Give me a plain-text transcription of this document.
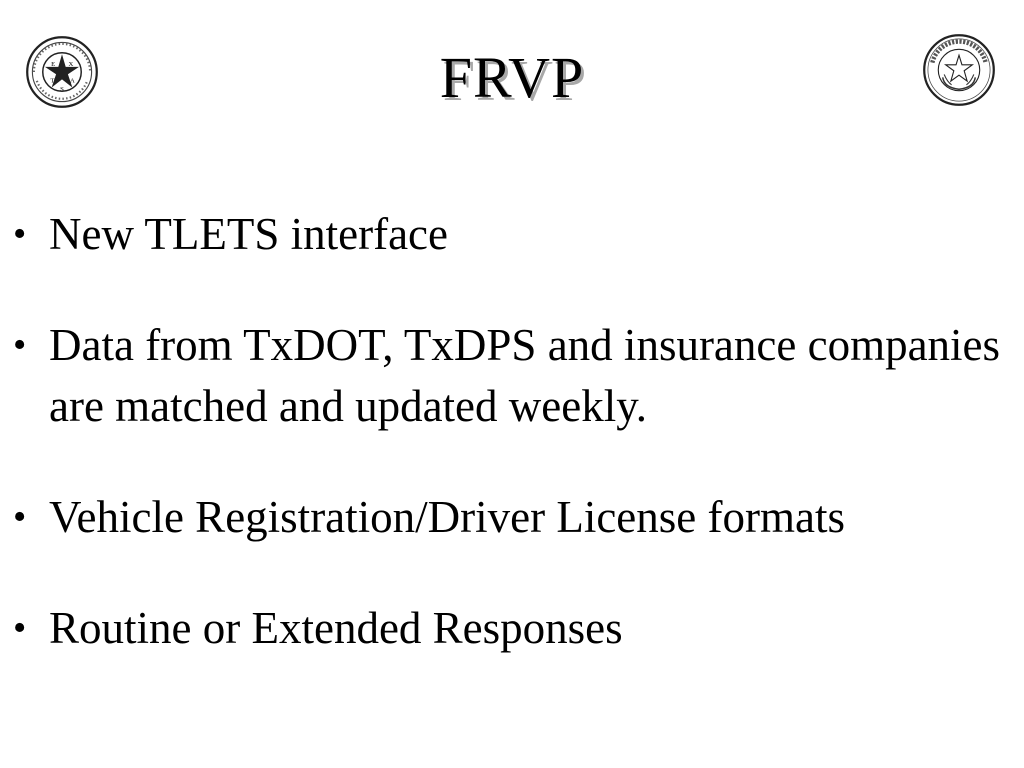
E X
T A
S	FRVP
• New TLETS interface
• Data from TxDOT, TxDPS and insurance companies are matched and updated weekly.
• Vehicle Registration/Driver License formats
• Routine or Extended Responses
